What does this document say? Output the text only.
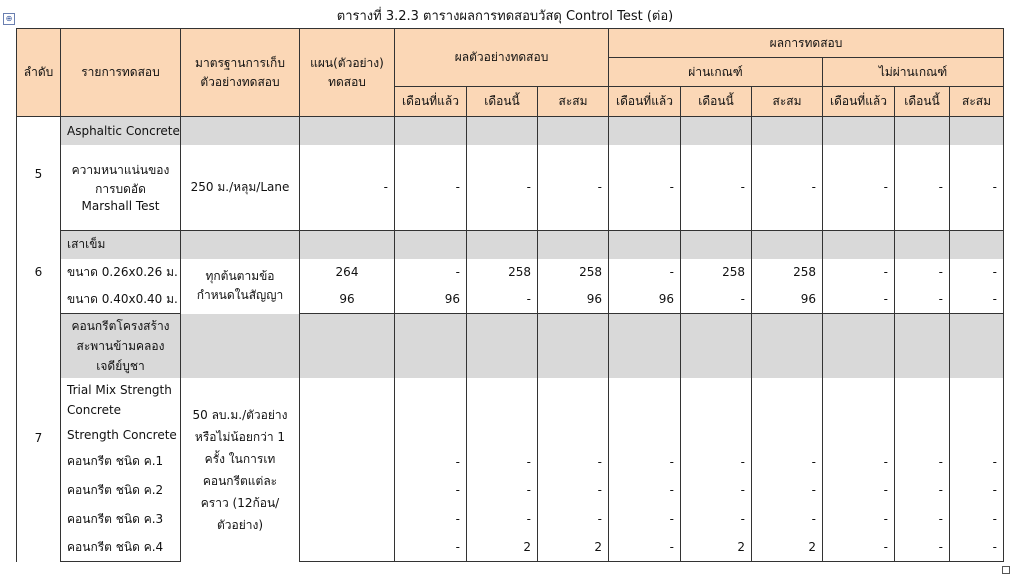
ตารางที่ 3.2.3 ตารางผลการทดสอบวัสดุ Control Test (ต่อ)
⊕
ลำดับ	รายการทดสอบ	มาตรฐานการเก็บตัวอย่างทดสอบ	แผน(ตัวอย่าง) ทดสอบ	ผลตัวอย่างทดสอบ			ผลการทดสอบ					
							ผ่านเกณฑ์			ไม่ผ่านเกณฑ์		
				เดือนที่แล้ว	เดือนนี้	สะสม	เดือนที่แล้ว	เดือนนี้	สะสม	เดือนที่แล้ว	เดือนนี้	สะสม
5	Asphaltic Concrete											
	ความหนาแน่นของการบดอัด Marshall Test	250 ม./หลุม/Lane	-	-	-	-	-	-	-	-	-	-
6	เสาเข็ม											
	ขนาด 0.26x0.26 ม.	ทุกต้นตามข้อกำหนดในสัญญา	264	-	258	258	-	258	258	-	-	-
	ขนาด 0.40x0.40 ม.		96	96	-	96	96	-	96	-	-	-
7	คอนกรีตโครงสร้างสะพานข้ามคลองเจดีย์บูชา											
	Trial Mix Strength Concrete	50 ลบ.ม./ตัวอย่าง หรือไม่น้อยกว่า 1 ครั้ง ในการเทคอนกรีตแต่ละคราว (12ก้อน/ตัวอย่าง)										
	Strength Concrete											
	คอนกรีต ชนิด ค.1			-	-	-	-	-	-	-	-	-
	คอนกรีต ชนิด ค.2			-	-	-	-	-	-	-	-	-
	คอนกรีต ชนิด ค.3			-	-	-	-	-	-	-	-	-
	คอนกรีต ชนิด ค.4			-	2	2	-	2	2	-	-	-
